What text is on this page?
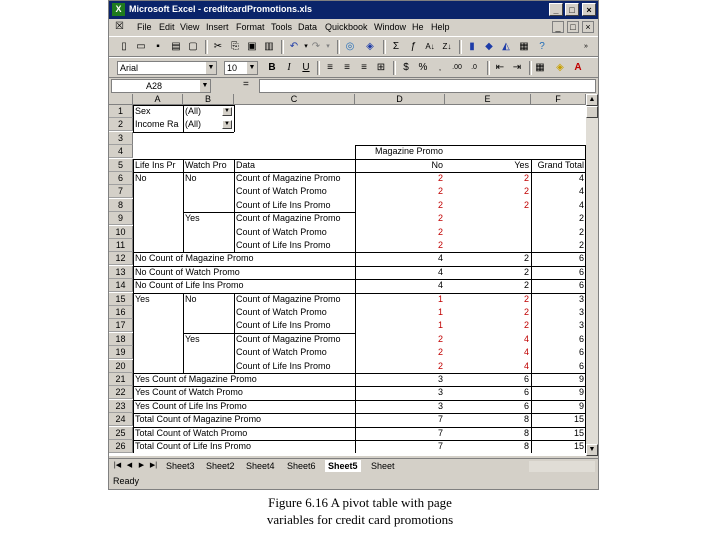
X Microsoft Excel - creditcardPromotions.xls	_	□	×
☒ File Edit View Insert Format Tools Data Quickbook Window He Help	_	□	×
▯ ▭	▪	▤ ▢ ✂ ⎘ ▣ ▥ ↶ ▾ ↷ ▾	◎	◈	Σ	ƒ	A↓ Z↓	▮	◆ ◭ ▦	?	»
Arial	▼	10 ▼	B	I	U	≡	≡	≡ ⊞	$ %	,	.00	.0	⇤ ⇥ ▦	◈	A
A28	▼	=
A	B	C	D	E	F
1	Sex	(All)
2	Income Ra (All)
3
4	Magazine Promo
5	Life Ins Pr	Watch Pro	Data	No	Yes Grand Total
6	No	No	Count of Magazine Promo	2	2	4
7	Count of Watch Promo	2	2	4
8	Count of Life Ins Promo	2	2	4
9	Yes	Count of Magazine Promo	2	2
10	Count of Watch Promo	2	2
11	Count of Life Ins Promo	2	2
12	No Count of Magazine Promo	4	2	6
13	No Count of Watch Promo	4	2	6
14	No Count of Life Ins Promo	4	2	6
15	Yes	No	Count of Magazine Promo	1	2	3
16	Count of Watch Promo	1	2	3
17	Count of Life Ins Promo	1	2	3
18	Yes	Count of Magazine Promo	2	4	6
19	Count of Watch Promo	2	4	6
20	Count of Life Ins Promo	2	4	6
21	Yes Count of Magazine Promo	3	6	9
22	Yes Count of Watch Promo	3	6	9
23	Yes Count of Life Ins Promo	3	6	9
24	Total Count of Magazine Promo	7	8	15
25	Total Count of Watch Promo	7	8	15
26	Total Count of Life Ins Promo	7	8	15
▼
▼
▲
▼
|◀ ◀ ▶ ▶| Sheet3	Sheet2	Sheet4	Sheet6	Sheet5	Sheet
Ready
Figure 6.16 A pivot table with page
variables for credit card promotions
